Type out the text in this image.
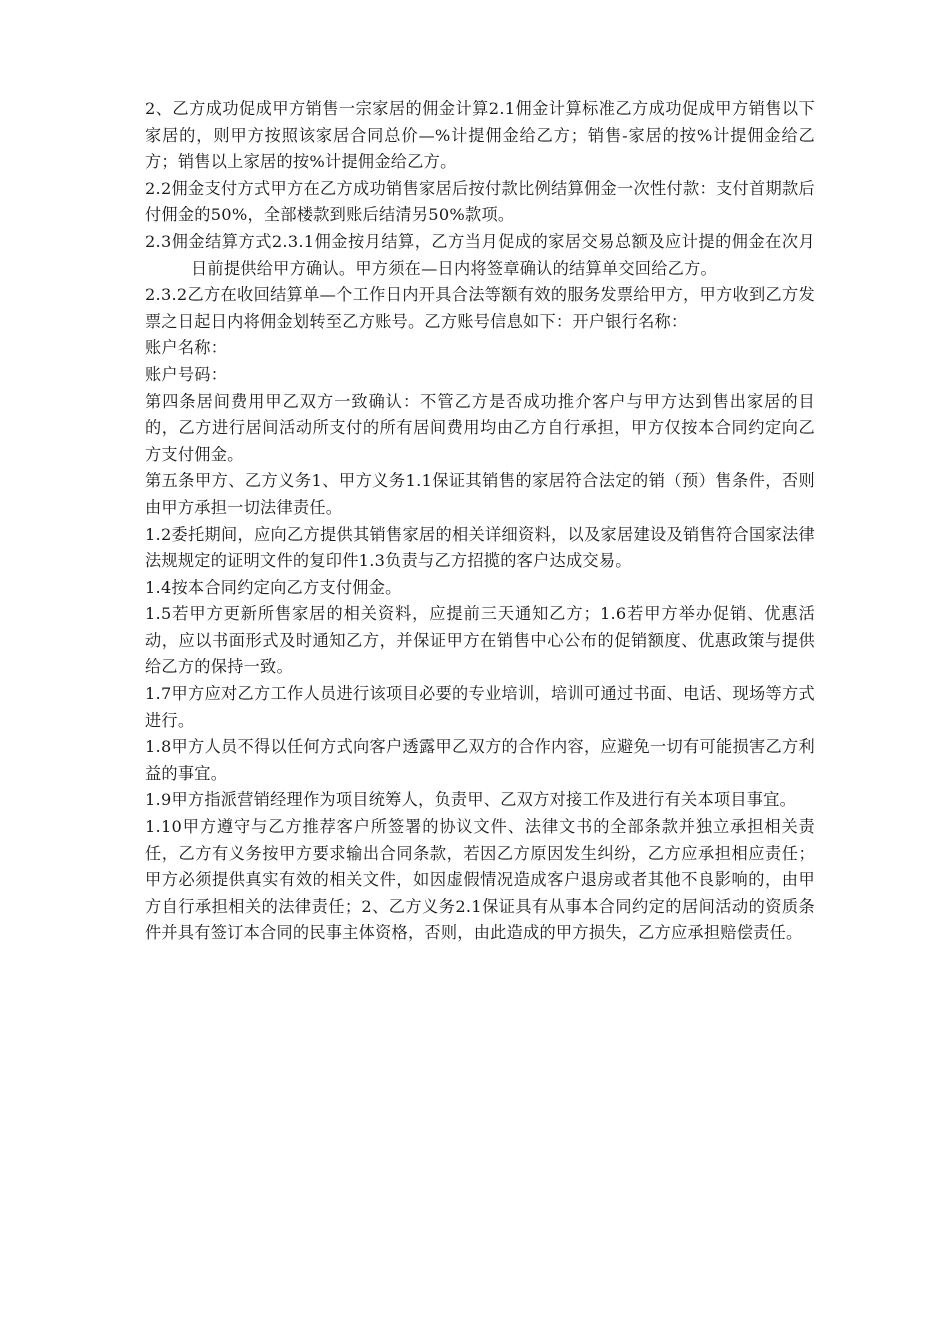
2、乙方成功促成甲方销售一宗家居的佣金计算2.1佣金计算标准乙方成功促成甲方销售以下家居的，则甲方按照该家居合同总价—%计提佣金给乙方；销售-家居的按%计提佣金给乙方；销售以上家居的按%计提佣金给乙方。

2.2佣金支付方式甲方在乙方成功销售家居后按付款比例结算佣金一次性付款：支付首期款后付佣金的50%，全部楼款到账后结清另50%款项。

2.3佣金结算方式2.3.1佣金按月结算，乙方当月促成的家居交易总额及应计提的佣金在次月日前提供给甲方确认。甲方须在—日内将签章确认的结算单交回给乙方。

2.3.2乙方在收回结算单—个工作日内开具合法等额有效的服务发票给甲方，甲方收到乙方发票之日起日内将佣金划转至乙方账号。乙方账号信息如下：开户银行名称：

账户名称：

账户号码：

第四条居间费用甲乙双方一致确认：不管乙方是否成功推介客户与甲方达到售出家居的目的，乙方进行居间活动所支付的所有居间费用均由乙方自行承担，甲方仅按本合同约定向乙方支付佣金。

第五条甲方、乙方义务1、甲方义务1.1保证其销售的家居符合法定的销（预）售条件，否则由甲方承担一切法律责任。

1.2委托期间，应向乙方提供其销售家居的相关详细资料，以及家居建设及销售符合国家法律法规规定的证明文件的复印件1.3负责与乙方招揽的客户达成交易。

1.4按本合同约定向乙方支付佣金。

1.5若甲方更新所售家居的相关资料，应提前三天通知乙方；1.6若甲方举办促销、优惠活动，应以书面形式及时通知乙方，并保证甲方在销售中心公布的促销额度、优惠政策与提供给乙方的保持一致。

1.7甲方应对乙方工作人员进行该项目必要的专业培训，培训可通过书面、电话、现场等方式进行。

1.8甲方人员不得以任何方式向客户透露甲乙双方的合作内容，应避免一切有可能损害乙方利益的事宜。

1.9甲方指派营销经理作为项目统筹人，负责甲、乙双方对接工作及进行有关本项目事宜。

1.10甲方遵守与乙方推荐客户所签署的协议文件、法律文书的全部条款并独立承担相关责任，乙方有义务按甲方要求输出合同条款，若因乙方原因发生纠纷，乙方应承担相应责任；甲方必须提供真实有效的相关文件，如因虚假情况造成客户退房或者其他不良影响的，由甲方自行承担相关的法律责任；2、乙方义务2.1保证具有从事本合同约定的居间活动的资质条件并具有签订本合同的民事主体资格，否则，由此造成的甲方损失，乙方应承担赔偿责任。
